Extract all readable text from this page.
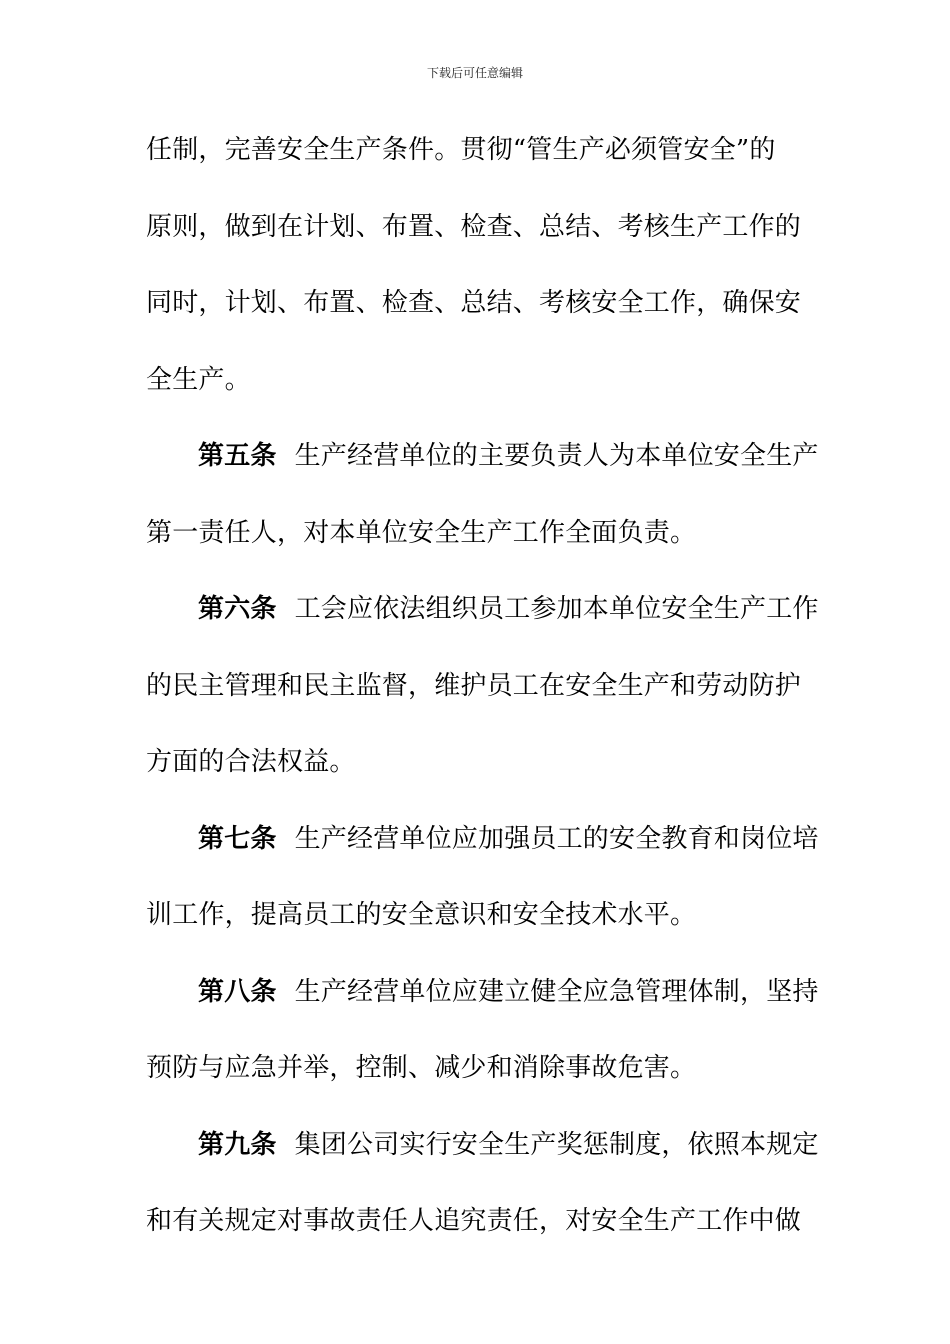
下载后可任意编辑
任制，完善安全生产条件。贯彻“管生产必须管安全”的
原则，做到在计划、布置、检查、总结、考核生产工作的
同时，计划、布置、检查、总结、考核安全工作，确保安
全生产。
第五条 生产经营单位的主要负责人为本单位安全生产
第一责任人，对本单位安全生产工作全面负责。
第六条 工会应依法组织员工参加本单位安全生产工作
的民主管理和民主监督，维护员工在安全生产和劳动防护
方面的合法权益。
第七条 生产经营单位应加强员工的安全教育和岗位培
训工作，提高员工的安全意识和安全技术水平。
第八条 生产经营单位应建立健全应急管理体制，坚持
预防与应急并举，控制、减少和消除事故危害。
第九条 集团公司实行安全生产奖惩制度，依照本规定
和有关规定对事故责任人追究责任，对安全生产工作中做
